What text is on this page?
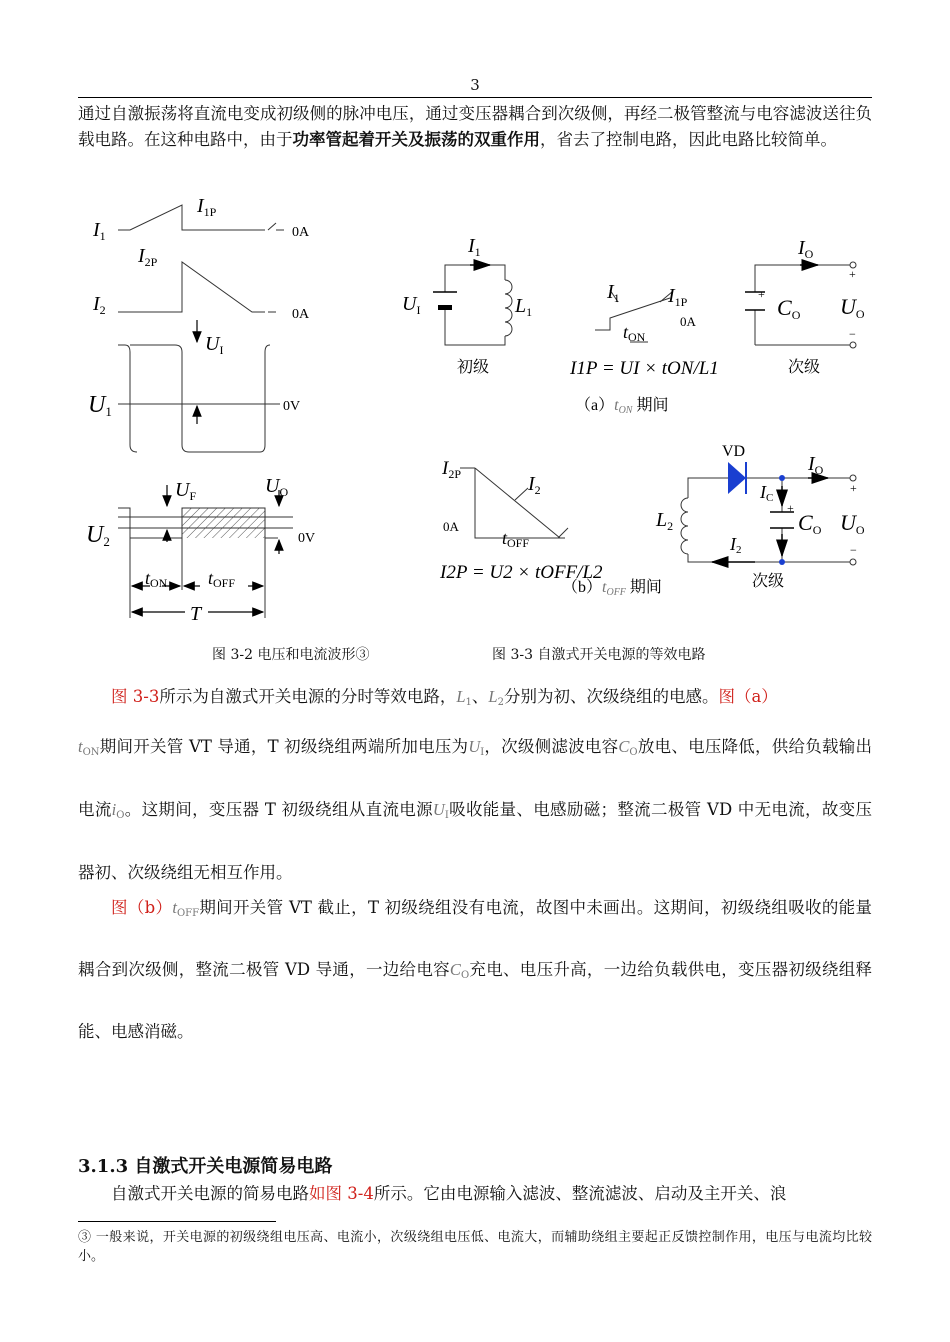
3

通过自激振荡将直流电变成初级侧的脉冲电压，通过变压器耦合到次级侧，再经二极管整流与电容滤波送往负载电路。在这种电路中，由于功率管起着开关及振荡的双重作用，省去了控制电路，因此电路比较简单。

$I_1$
$I_{1P}$
0A
$I_{2P}$
$I_2$	0A
$U_I$
U1	0V
$U_F$	$U_O$
U2	0V
tON tOFF
T
$I_1$
$U_I$	$L_1$
初级
$I_1$ $I_{1P}$
0A
tON
I1P = UI × tON/L1
$I_O$
+
+
CO UO
−
次级
（a）tON 期间
$I_{2P}$	$I_2$
0A
tOFF
I2P = U2 × tOFF/L2
VD
$I_O$
IC
+
+
CO UO
−
$L_2$
I2
次级
（b）tOFF 期间
图 3-2 电压和电流波形③	图 3-3 自激式开关电源的等效电路

图 3-3所示为自激式开关电源的分时等效电路，$L_1$、$L_2$分别为初、次级绕组的电感。图（a）

$t_{ON}$期间开关管 VT 导通，T 初级绕组两端所加电压为$U_I$，次级侧滤波电容$C_O$放电、电压降低，供给负载输出电流$i_O$。这期间，变压器 T 初级绕组从直流电源$U_I$吸收能量、电感励磁；整流二极管 VD 中无电流，故变压器初、次级绕组无相互作用。

图$(b)t_{OFF}$期间开关管 VT 截止，T 初级绕组没有电流，故图中未画出。这期间，初级绕组吸收的能量耦合到次级侧，整流二极管 VD 导通，一边给电容$C_O$充电、电压升高，一边给负载供电，变压器初级绕组释能、电感消磁。

3.1.3 自激式开关电源简易电路

自激式开关电源的简易电路如图 3-4所示。它由电源输入滤波、整流滤波、启动及主开关、浪

③ 一般来说，开关电源的初级绕组电压高、电流小，次级绕组电压低、电流大，而辅助绕组主要起正反馈控制作用，电压与电流均比较小。
